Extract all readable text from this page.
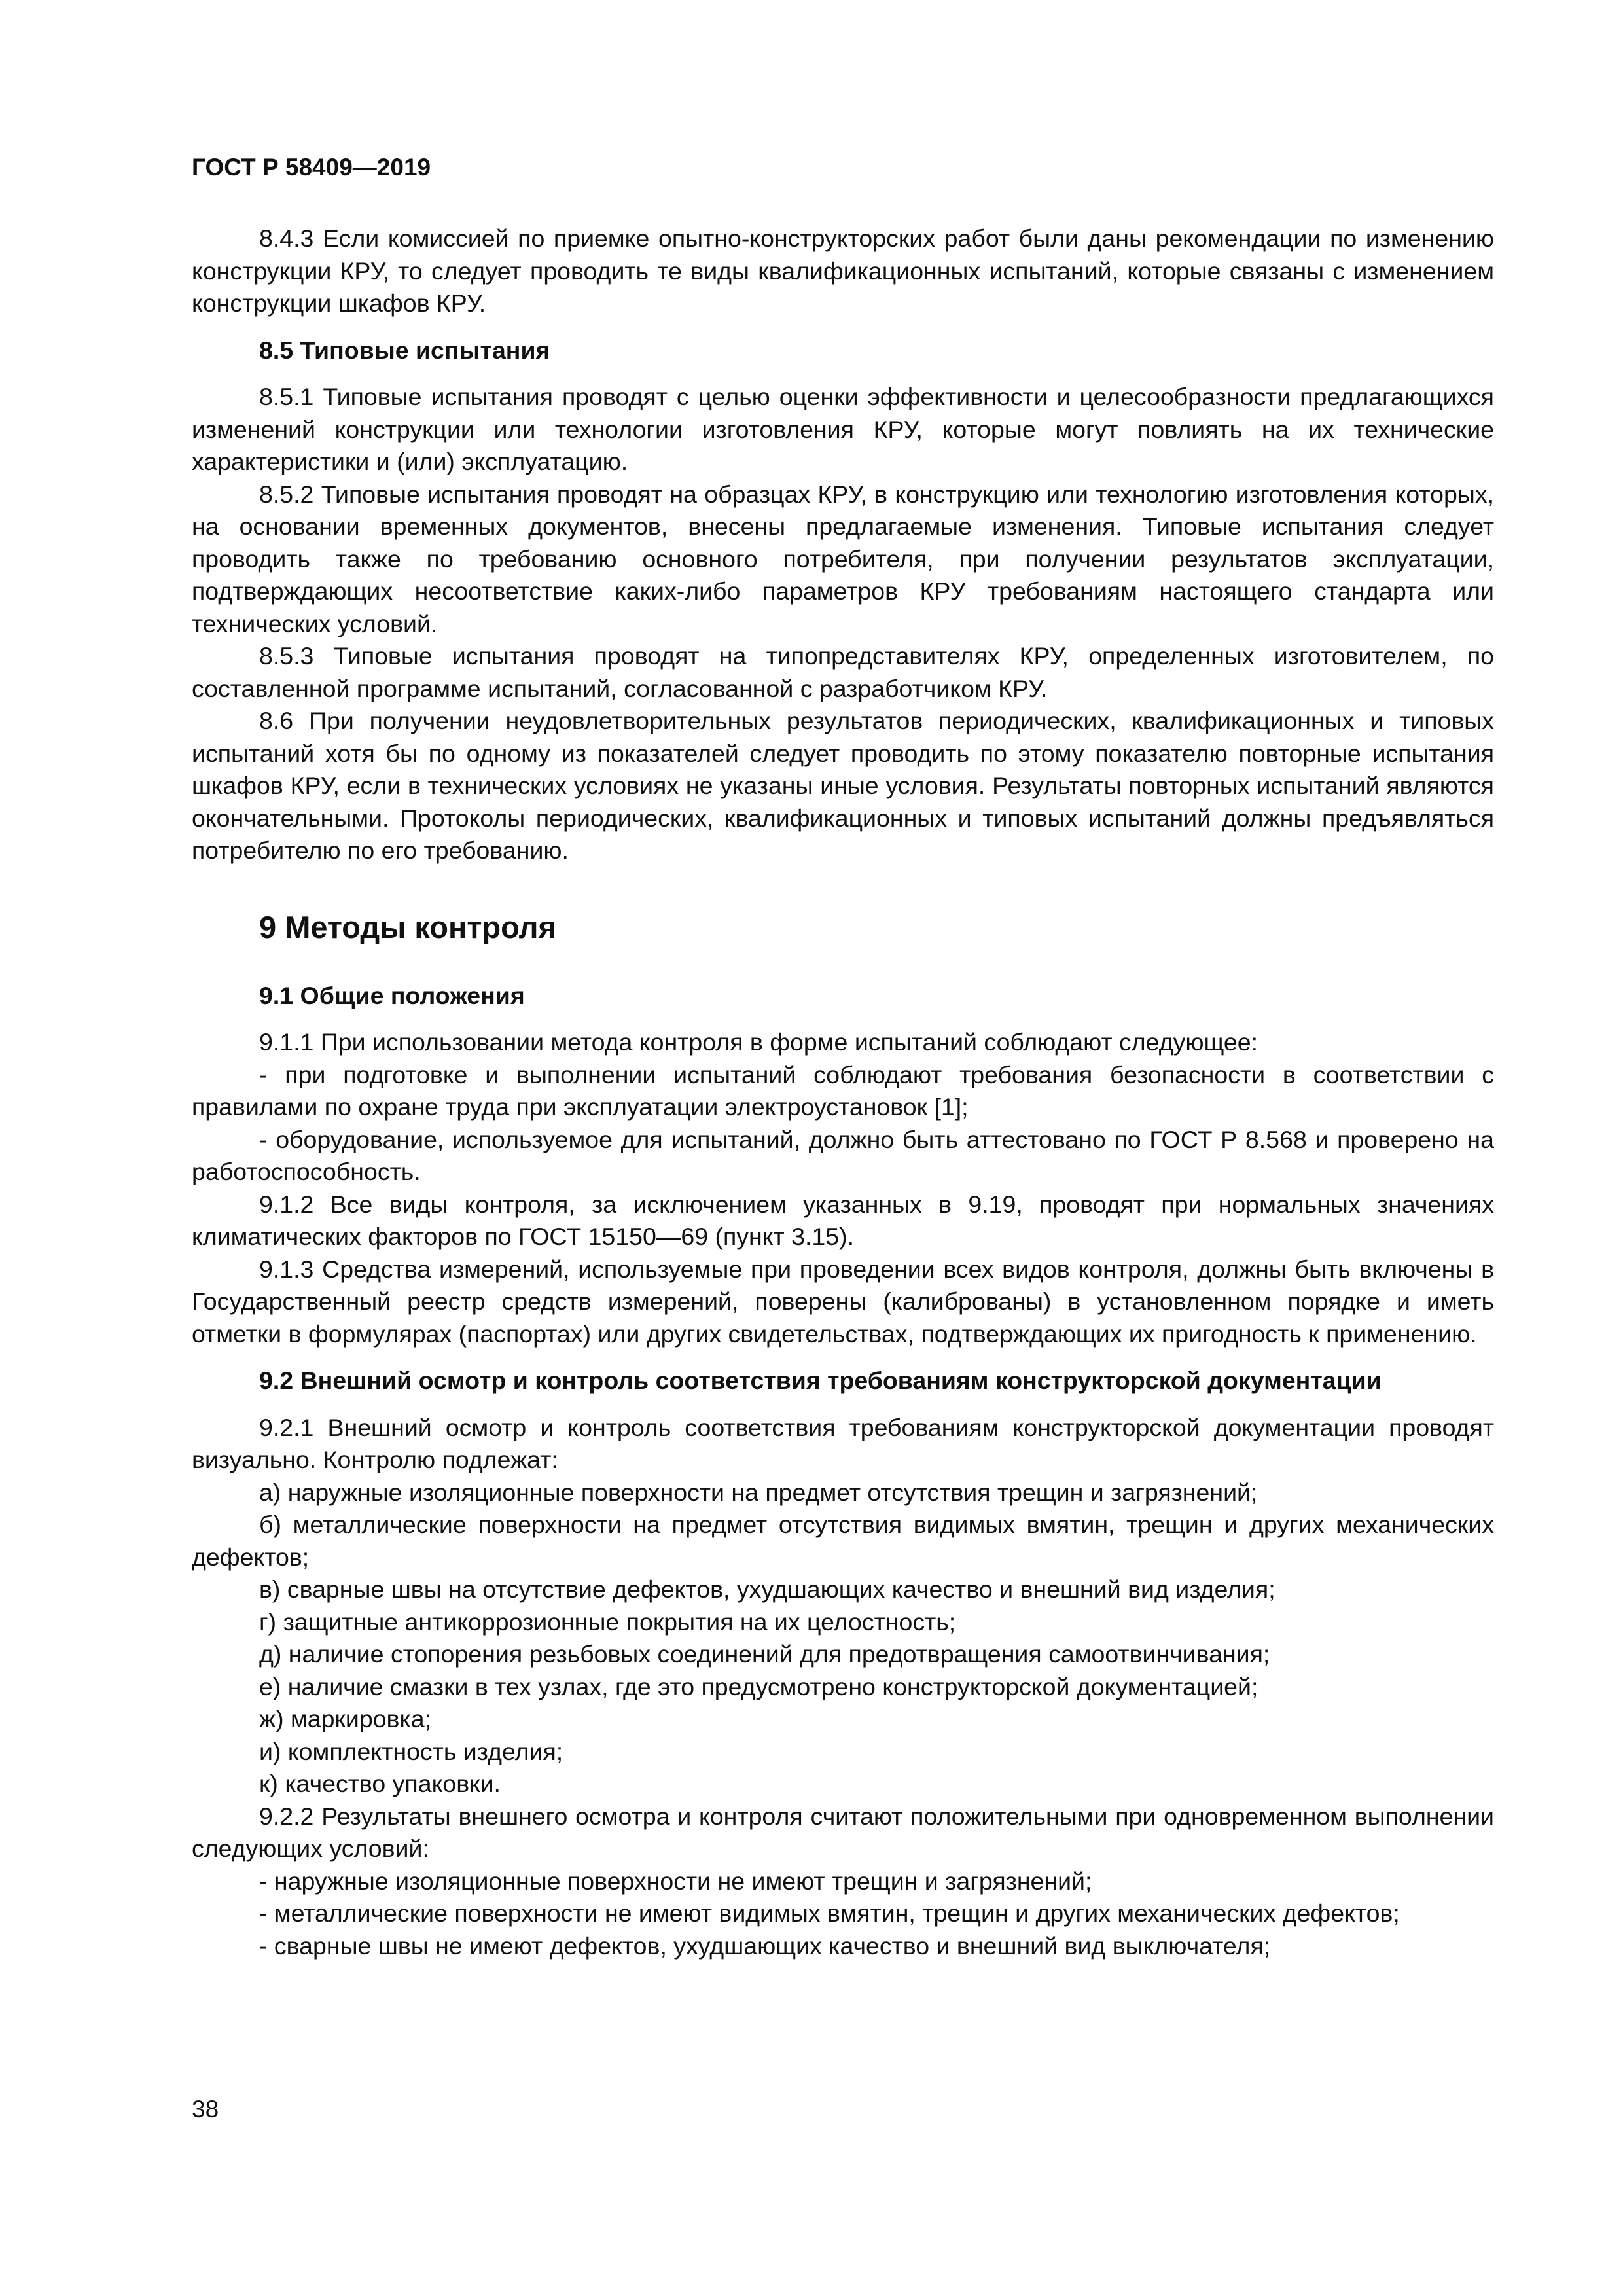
ГОСТ Р 58409—2019

8.4.3 Если комиссией по приемке опытно-конструкторских работ были даны рекомендации по изменению конструкции КРУ, то следует проводить те виды квалификационных испытаний, которые связаны с изменением конструкции шкафов КРУ.

8.5 Типовые испытания

8.5.1 Типовые испытания проводят с целью оценки эффективности и целесообразности предлагающихся изменений конструкции или технологии изготовления КРУ, которые могут повлиять на их технические характеристики и (или) эксплуатацию.

8.5.2 Типовые испытания проводят на образцах КРУ, в конструкцию или технологию изготовления которых, на основании временных документов, внесены предлагаемые изменения. Типовые испытания следует проводить также по требованию основного потребителя, при получении результатов эксплуатации, подтверждающих несоответствие каких-либо параметров КРУ требованиям настоящего стандарта или технических условий.

8.5.3 Типовые испытания проводят на типопредставителях КРУ, определенных изготовителем, по составленной программе испытаний, согласованной с разработчиком КРУ.

8.6 При получении неудовлетворительных результатов периодических, квалификационных и типовых испытаний хотя бы по одному из показателей следует проводить по этому показателю повторные испытания шкафов КРУ, если в технических условиях не указаны иные условия. Результаты повторных испытаний являются окончательными. Протоколы периодических, квалификационных и типовых испытаний должны предъявляться потребителю по его требованию.

9 Методы контроля

9.1 Общие положения

9.1.1 При использовании метода контроля в форме испытаний соблюдают следующее:

- при подготовке и выполнении испытаний соблюдают требования безопасности в соответствии с правилами по охране труда при эксплуатации электроустановок [1];

- оборудование, используемое для испытаний, должно быть аттестовано по ГОСТ Р 8.568 и проверено на работоспособность.

9.1.2 Все виды контроля, за исключением указанных в 9.19, проводят при нормальных значениях климатических факторов по ГОСТ 15150—69 (пункт 3.15).

9.1.3 Средства измерений, используемые при проведении всех видов контроля, должны быть включены в Государственный реестр средств измерений, поверены (калиброваны) в установленном порядке и иметь отметки в формулярах (паспортах) или других свидетельствах, подтверждающих их пригодность к применению.

9.2 Внешний осмотр и контроль соответствия требованиям конструкторской документации

9.2.1 Внешний осмотр и контроль соответствия требованиям конструкторской документации проводят визуально. Контролю подлежат:

а) наружные изоляционные поверхности на предмет отсутствия трещин и загрязнений;

б) металлические поверхности на предмет отсутствия видимых вмятин, трещин и других механических дефектов;

в) сварные швы на отсутствие дефектов, ухудшающих качество и внешний вид изделия;

г) защитные антикоррозионные покрытия на их целостность;

д) наличие стопорения резьбовых соединений для предотвращения самоотвинчивания;

е) наличие смазки в тех узлах, где это предусмотрено конструкторской документацией;

ж) маркировка;

и) комплектность изделия;

к) качество упаковки.

9.2.2 Результаты внешнего осмотра и контроля считают положительными при одновременном выполнении следующих условий:

- наружные изоляционные поверхности не имеют трещин и загрязнений;

- металлические поверхности не имеют видимых вмятин, трещин и других механических дефектов;

- сварные швы не имеют дефектов, ухудшающих качество и внешний вид выключателя;

38
